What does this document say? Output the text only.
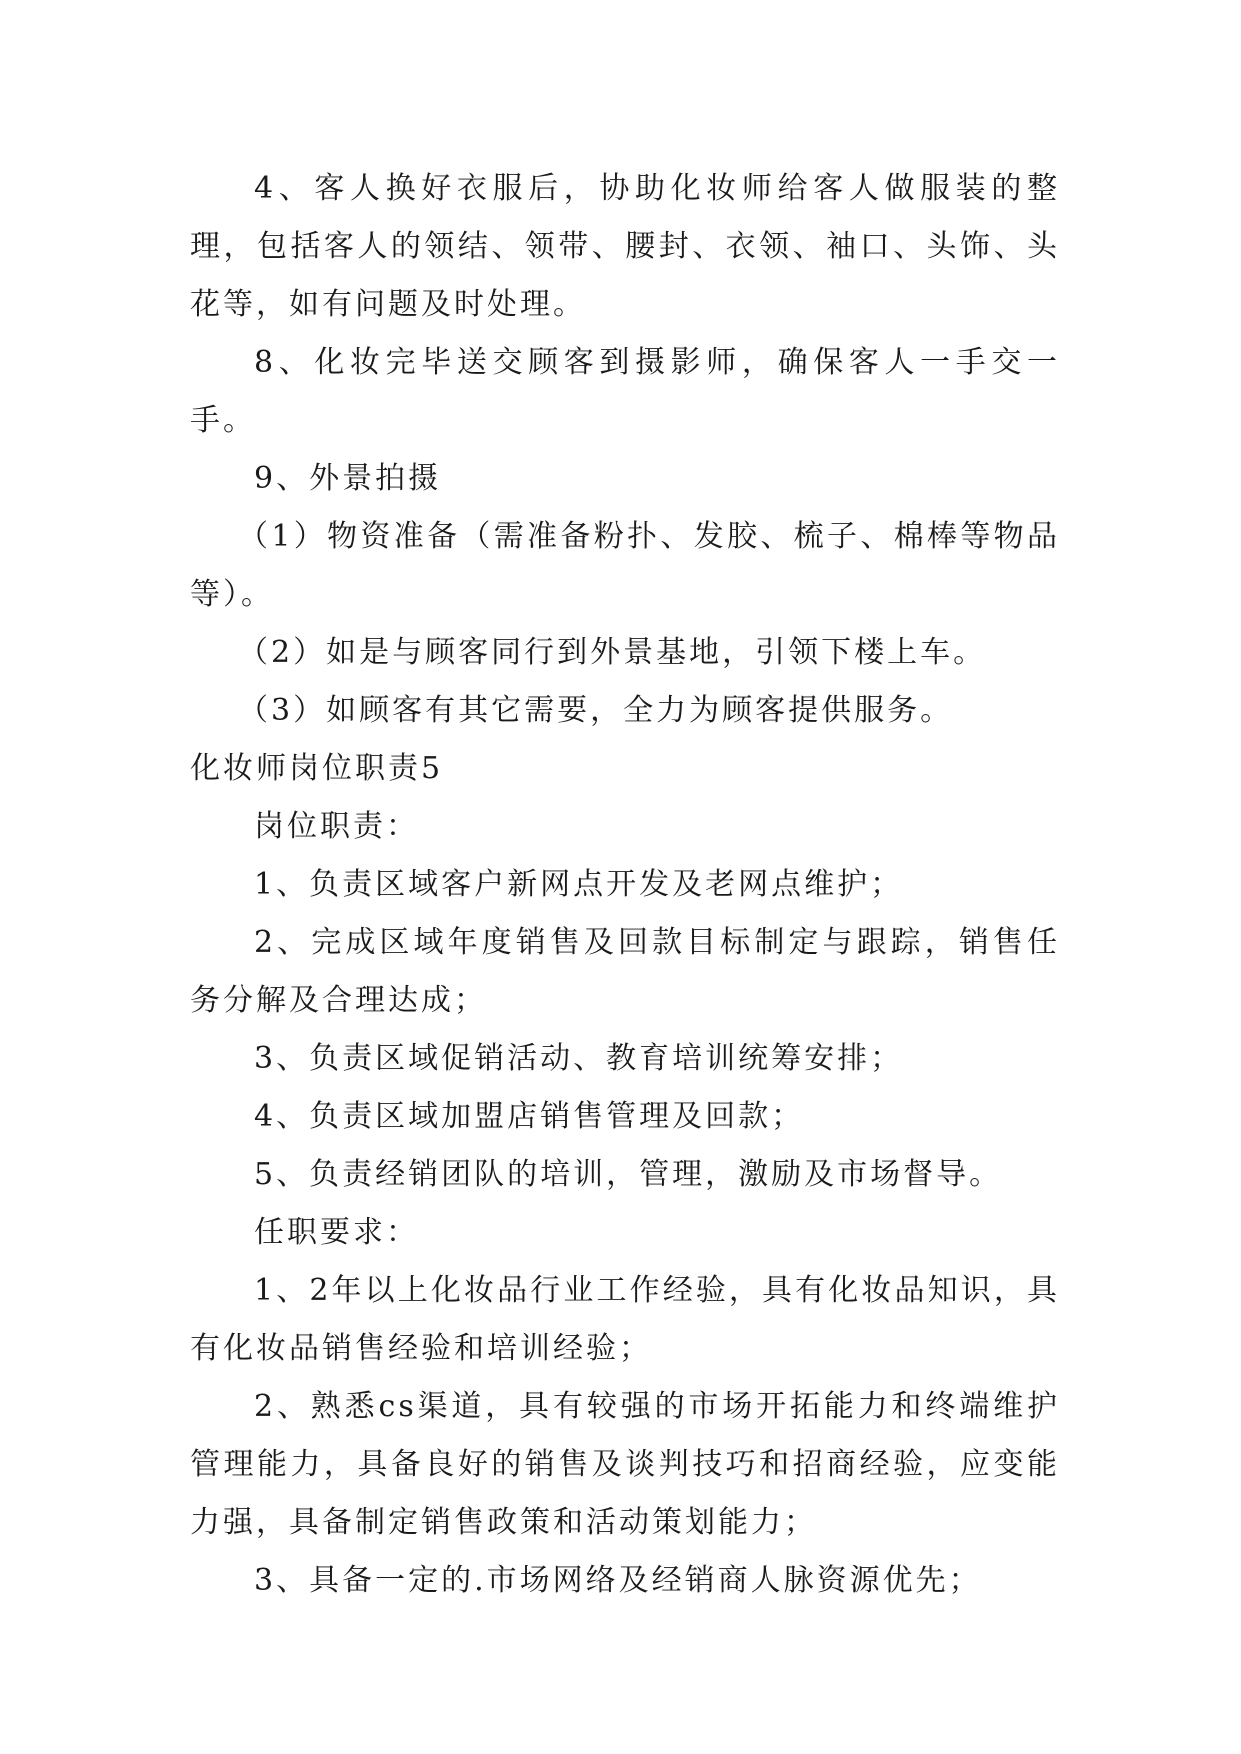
4、客人换好衣服后，协助化妆师给客人做服装的整理，包括客人的领结、领带、腰封、衣领、袖口、头饰、头花等，如有问题及时处理。

8、化妆完毕送交顾客到摄影师，确保客人一手交一手。

9、外景拍摄

（1）物资准备（需准备粉扑、发胶、梳子、棉棒等物品等）。

（2）如是与顾客同行到外景基地，引领下楼上车。

（3）如顾客有其它需要，全力为顾客提供服务。

化妆师岗位职责5

岗位职责：

1、负责区域客户新网点开发及老网点维护；

2、完成区域年度销售及回款目标制定与跟踪，销售任务分解及合理达成；

3、负责区域促销活动、教育培训统筹安排；

4、负责区域加盟店销售管理及回款；

5、负责经销团队的培训，管理，激励及市场督导。

任职要求：

1、2年以上化妆品行业工作经验，具有化妆品知识，具有化妆品销售经验和培训经验；

2、熟悉cs渠道，具有较强的市场开拓能力和终端维护管理能力，具备良好的销售及谈判技巧和招商经验，应变能力强，具备制定销售政策和活动策划能力；

3、具备一定的.市场网络及经销商人脉资源优先；
